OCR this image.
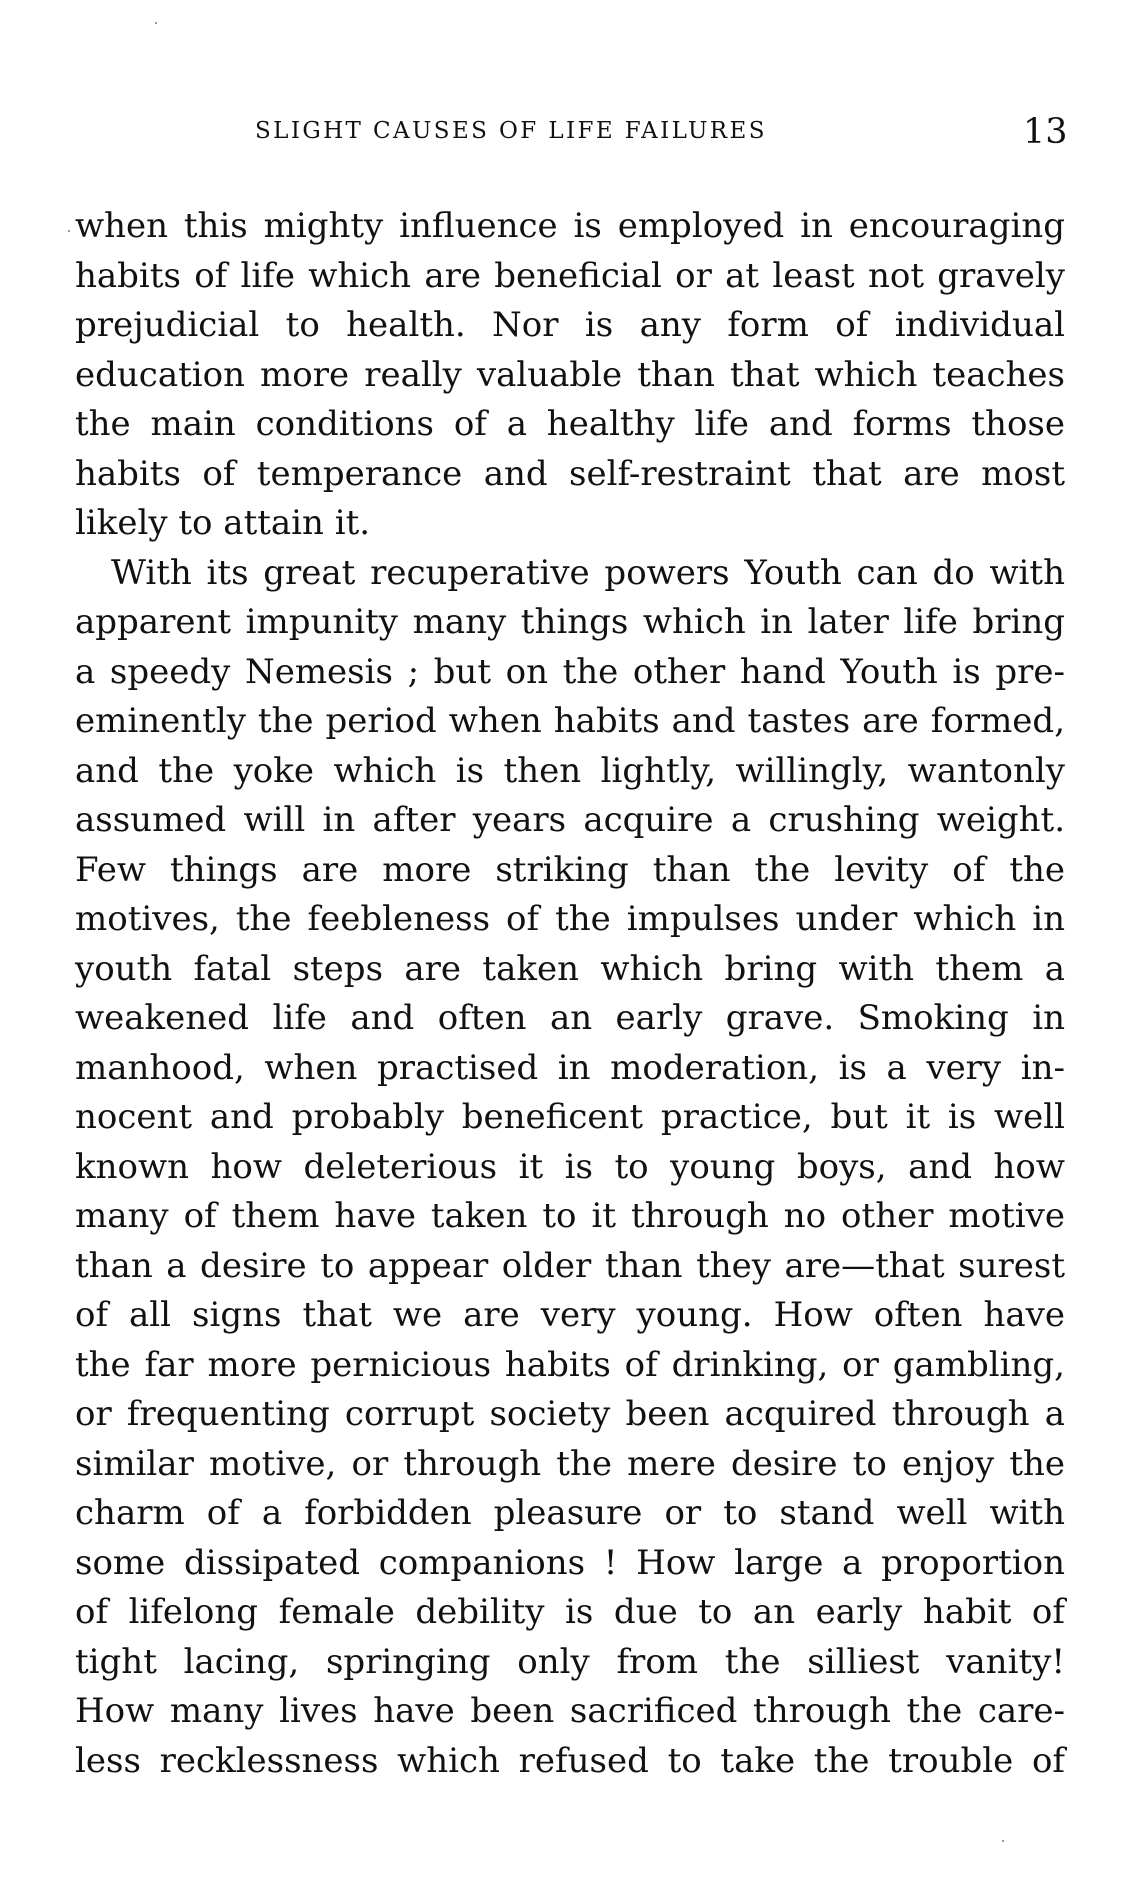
SLIGHT CAUSES OF LIFE FAILURES	13
when this mighty influence is employed in encouraging
habits of life which are beneficial or at least not gravely
prejudicial to health. Nor is any form of individual
education more really valuable than that which teaches
the main conditions of a healthy life and forms those
habits of temperance and self-restraint that are most
likely to attain it.
With its great recuperative powers Youth can do with
apparent impunity many things which in later life bring
a speedy Nemesis ; but on the other hand Youth is pre-
eminently the period when habits and tastes are formed,
and the yoke which is then lightly, willingly, wantonly
assumed will in after years acquire a crushing weight.
Few things are more striking than the levity of the
motives, the feebleness of the impulses under which in
youth fatal steps are taken which bring with them a
weakened life and often an early grave. Smoking in
manhood, when practised in moderation, is a very in-
nocent and probably beneficent practice, but it is well
known how deleterious it is to young boys, and how
many of them have taken to it through no other motive
than a desire to appear older than they are—that surest
of all signs that we are very young. How often have
the far more pernicious habits of drinking, or gambling,
or frequenting corrupt society been acquired through a
similar motive, or through the mere desire to enjoy the
charm of a forbidden pleasure or to stand well with
some dissipated companions ! How large a proportion
of lifelong female debility is due to an early habit of
tight lacing, springing only from the silliest vanity!
How many lives have been sacrificed through the care-
less recklessness which refused to take the trouble of
